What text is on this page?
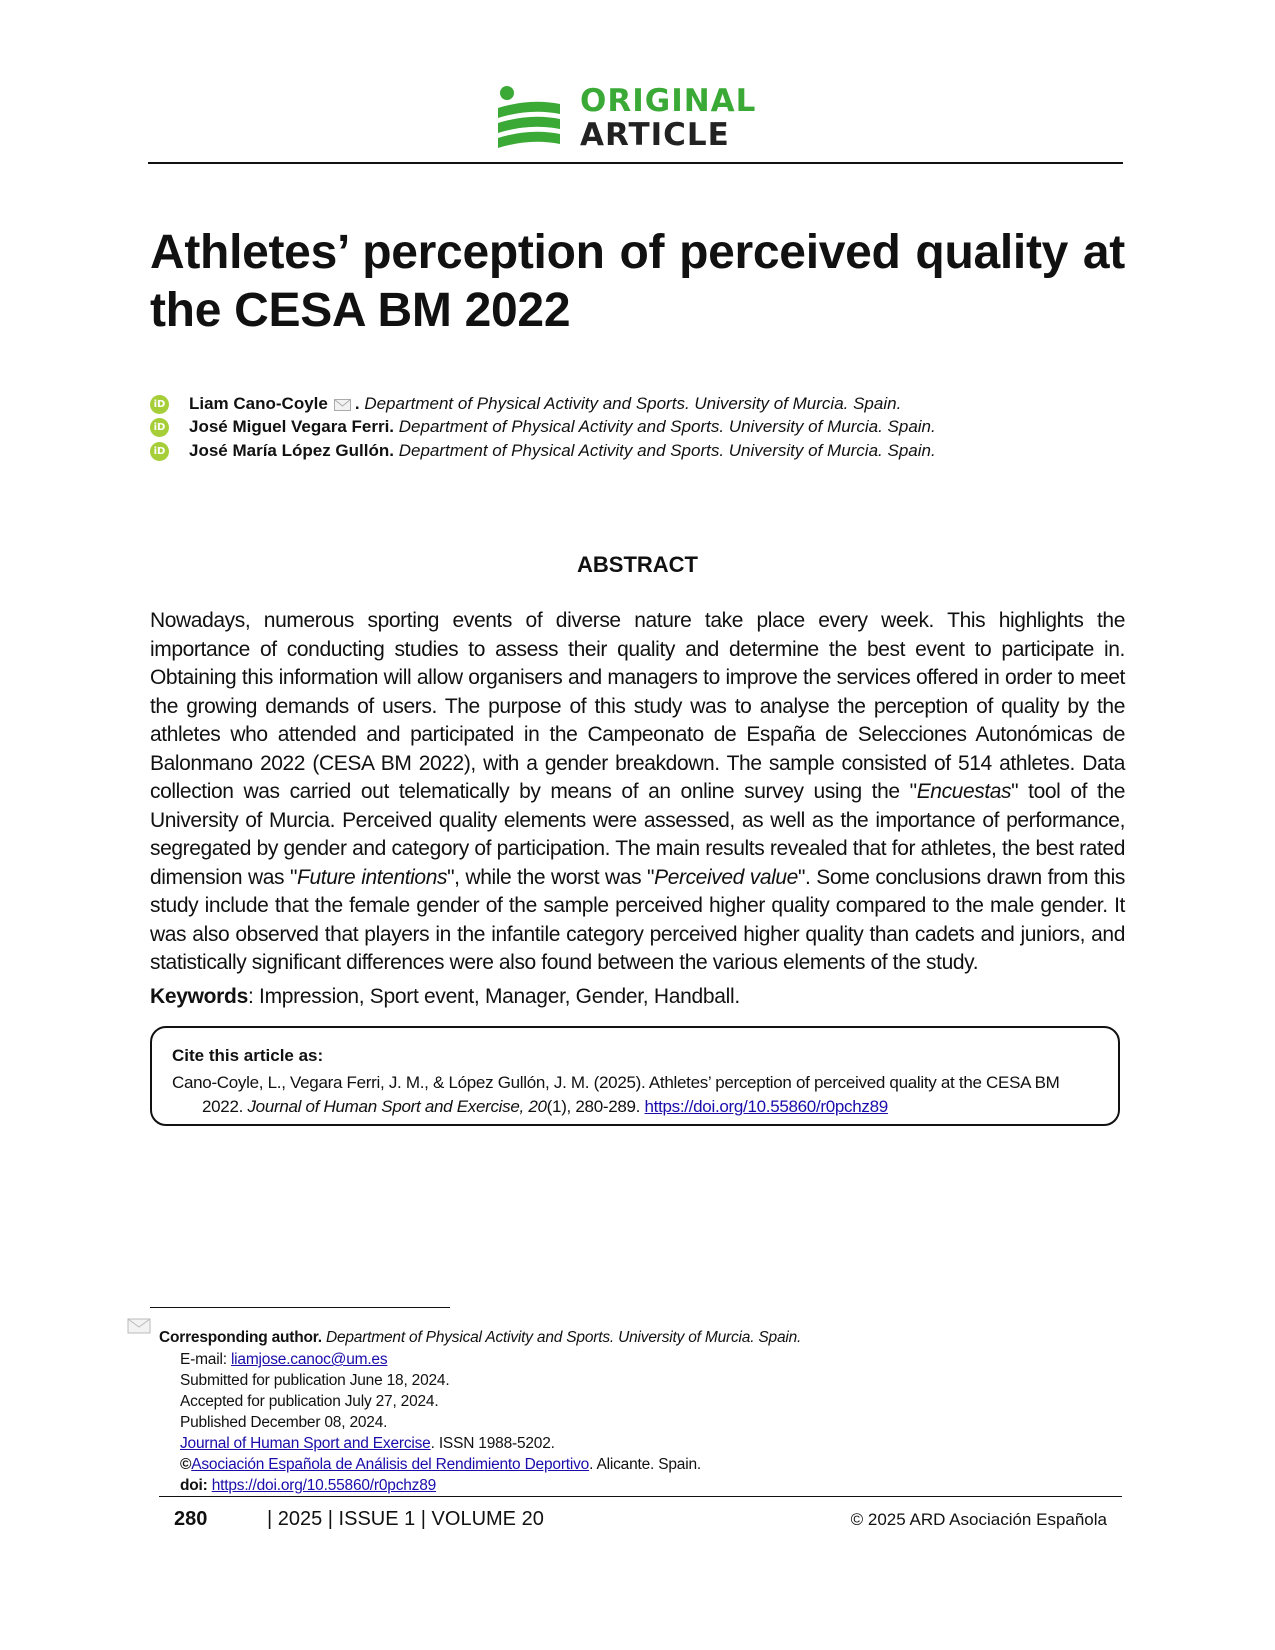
ORIGINAL
ARTICLE
Athletes’ perception of perceived quality at the CESA BM 2022
iD Liam Cano-Coyle . Department of Physical Activity and Sports. University of Murcia. Spain.
iD José Miguel Vegara Ferri. Department of Physical Activity and Sports. University of Murcia. Spain.
iD José María López Gullón. Department of Physical Activity and Sports. University of Murcia. Spain.
ABSTRACT
Nowadays, numerous sporting events of diverse nature take place every week. This highlights the importance of conducting studies to assess their quality and determine the best event to participate in. Obtaining this information will allow organisers and managers to improve the services offered in order to meet the growing demands of users. The purpose of this study was to analyse the perception of quality by the athletes who attended and participated in the Campeonato de España de Selecciones Autonómicas de Balonmano 2022 (CESA BM 2022), with a gender breakdown. The sample consisted of 514 athletes. Data collection was carried out telematically by means of an online survey using the "Encuestas" tool of the University of Murcia. Perceived quality elements were assessed, as well as the importance of performance, segregated by gender and category of participation. The main results revealed that for athletes, the best rated dimension was "Future intentions", while the worst was "Perceived value". Some conclusions drawn from this study include that the female gender of the sample perceived higher quality compared to the male gender. It was also observed that players in the infantile category perceived higher quality than cadets and juniors, and statistically significant differences were also found between the various elements of the study.
Keywords: Impression, Sport event, Manager, Gender, Handball.
Cite this article as:
Cano-Coyle, L., Vegara Ferri, J. M., & López Gullón, J. M. (2025). Athletes’ perception of perceived quality at the CESA BM 2022. Journal of Human Sport and Exercise, 20(1), 280-289. https://doi.org/10.55860/r0pchz89
Corresponding author. Department of Physical Activity and Sports. University of Murcia. Spain.
E-mail: liamjose.canoc@um.es
Submitted for publication June 18, 2024.
Accepted for publication July 27, 2024.
Published December 08, 2024.
Journal of Human Sport and Exercise. ISSN 1988-5202.
©Asociación Española de Análisis del Rendimiento Deportivo. Alicante. Spain.
doi: https://doi.org/10.55860/r0pchz89
280	| 2025 | ISSUE 1 | VOLUME 20	© 2025 ARD Asociación Española
